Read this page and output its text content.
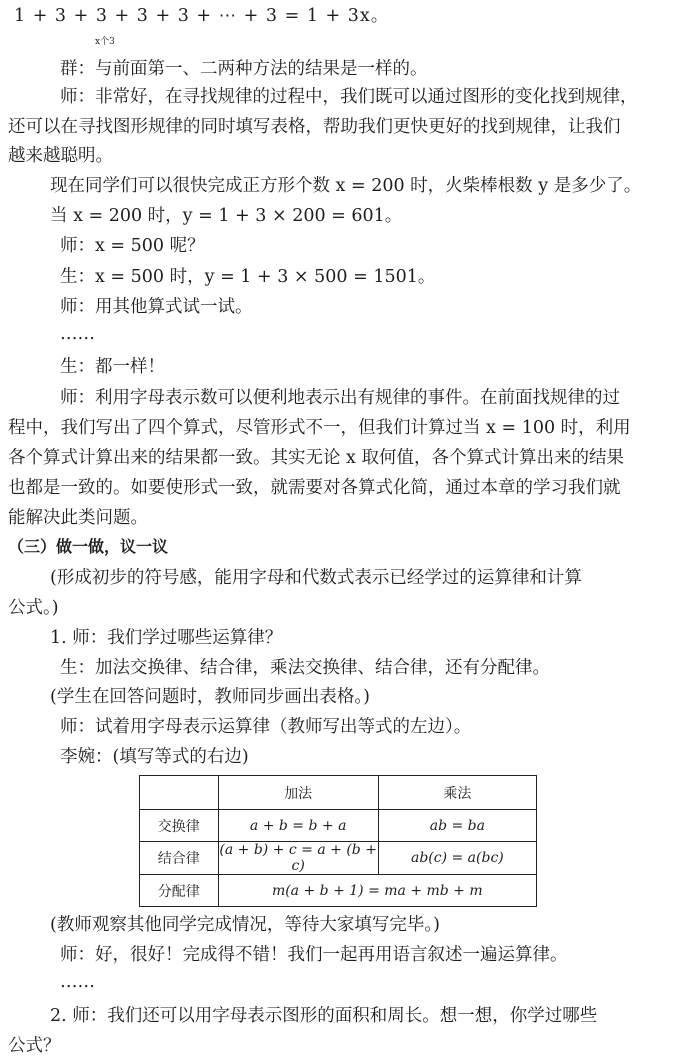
1 + 3 + 3 + 3 + 3 + ⋯ + 3 = 1 + 3x。
x个3
群：与前面第一、二两种方法的结果是一样的。
师：非常好，在寻找规律的过程中，我们既可以通过图形的变化找到规律，
还可以在寻找图形规律的同时填写表格，帮助我们更快更好的找到规律，让我们
越来越聪明。
现在同学们可以很快完成正方形个数 x = 200 时，火柴棒根数 y 是多少了。
当 x = 200 时，y = 1 + 3 × 200 = 601。
师：x = 500 呢？
生：x = 500 时，y = 1 + 3 × 500 = 1501。
师：用其他算式试一试。
……
生：都一样！
师：利用字母表示数可以便利地表示出有规律的事件。在前面找规律的过
程中，我们写出了四个算式，尽管形式不一，但我们计算过当 x = 100 时，利用
各个算式计算出来的结果都一致。其实无论 x 取何值，各个算式计算出来的结果
也都是一致的。如要使形式一致，就需要对各算式化简，通过本章的学习我们就
能解决此类问题。
（三）做一做，议一议
(形成初步的符号感，能用字母和代数式表示已经学过的运算律和计算
公式。)
1. 师：我们学过哪些运算律？
生：加法交换律、结合律，乘法交换律、结合律，还有分配律。
(学生在回答问题时，教师同步画出表格。)
师：试着用字母表示运算律（教师写出等式的左边）。
李婉：(填写等式的右边)
	加法	乘法
交换律	a + b = b + a	ab = ba
结合律	(a + b) + c = a + (b + c)	ab(c) = a(bc)
分配律	m(a + b + 1) = ma + mb + m	
(教师观察其他同学完成情况，等待大家填写完毕。)
师：好，很好！完成得不错！我们一起再用语言叙述一遍运算律。
……
2. 师：我们还可以用字母表示图形的面积和周长。想一想，你学过哪些
公式？
